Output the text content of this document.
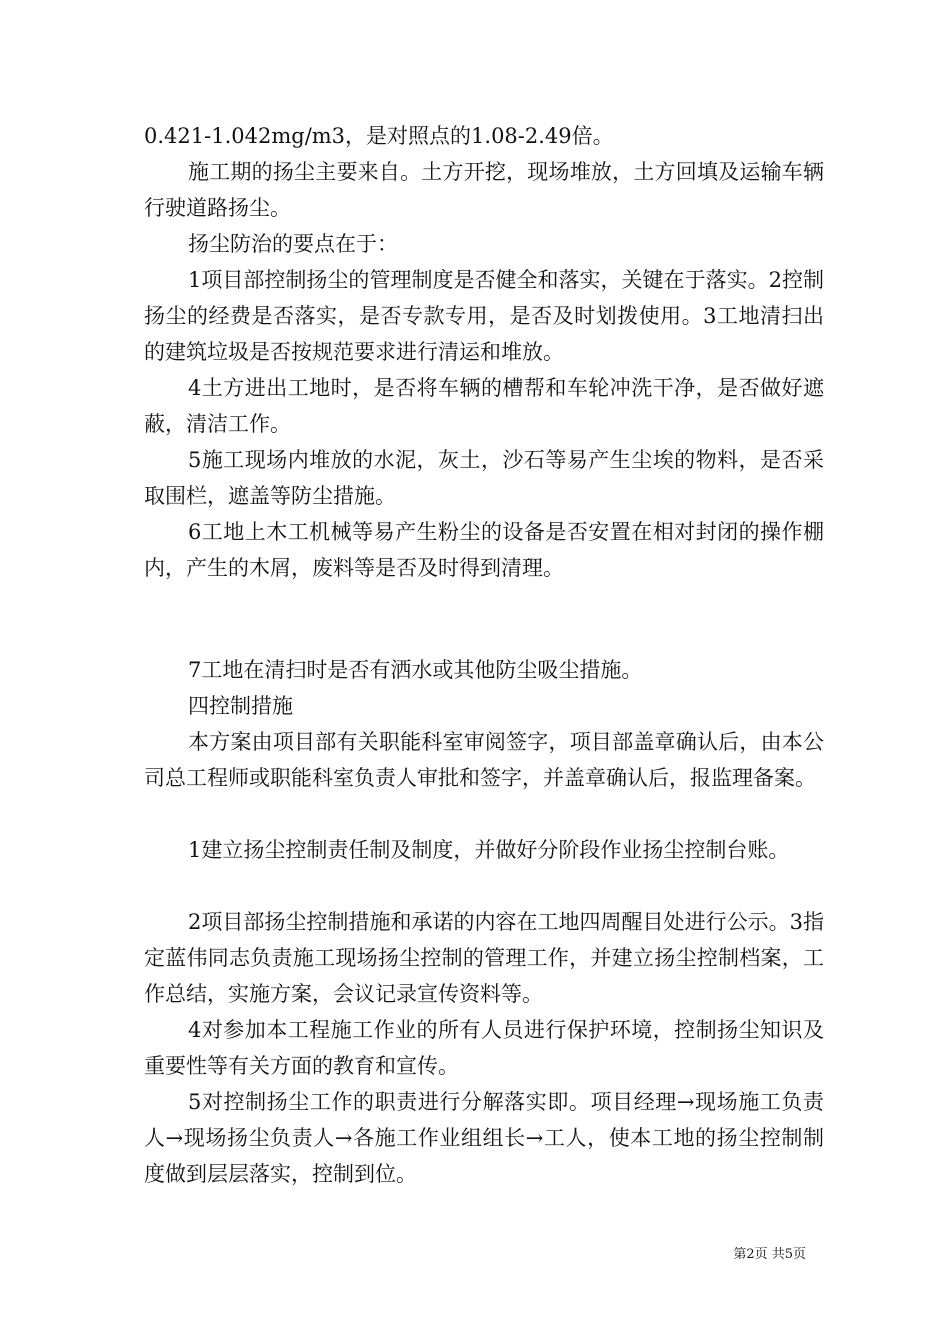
0.421-1.042mg/m3，是对照点的1.08-2.49倍。

施工期的扬尘主要来自。土方开挖，现场堆放，土方回填及运输车辆行驶道路扬尘。

扬尘防治的要点在于：

1项目部控制扬尘的管理制度是否健全和落实，关键在于落实。2控制扬尘的经费是否落实，是否专款专用，是否及时划拨使用。3工地清扫出的建筑垃圾是否按规范要求进行清运和堆放。

4土方进出工地时，是否将车辆的槽帮和车轮冲洗干净，是否做好遮蔽，清洁工作。

5施工现场内堆放的水泥，灰土，沙石等易产生尘埃的物料，是否采取围栏，遮盖等防尘措施。

6工地上木工机械等易产生粉尘的设备是否安置在相对封闭的操作棚内，产生的木屑，废料等是否及时得到清理。

7工地在清扫时是否有洒水或其他防尘吸尘措施。

四控制措施

本方案由项目部有关职能科室审阅签字，项目部盖章确认后，由本公司总工程师或职能科室负责人审批和签字，并盖章确认后，报监理备案。

1建立扬尘控制责任制及制度，并做好分阶段作业扬尘控制台账。

2项目部扬尘控制措施和承诺的内容在工地四周醒目处进行公示。3指定蓝伟同志负责施工现场扬尘控制的管理工作，并建立扬尘控制档案，工作总结，实施方案，会议记录宣传资料等。

4对参加本工程施工作业的所有人员进行保护环境，控制扬尘知识及重要性等有关方面的教育和宣传。

5对控制扬尘工作的职责进行分解落实即。项目经理→现场施工负责人→现场扬尘负责人→各施工作业组组长→工人，使本工地的扬尘控制制度做到层层落实，控制到位。

第2页 共5页
